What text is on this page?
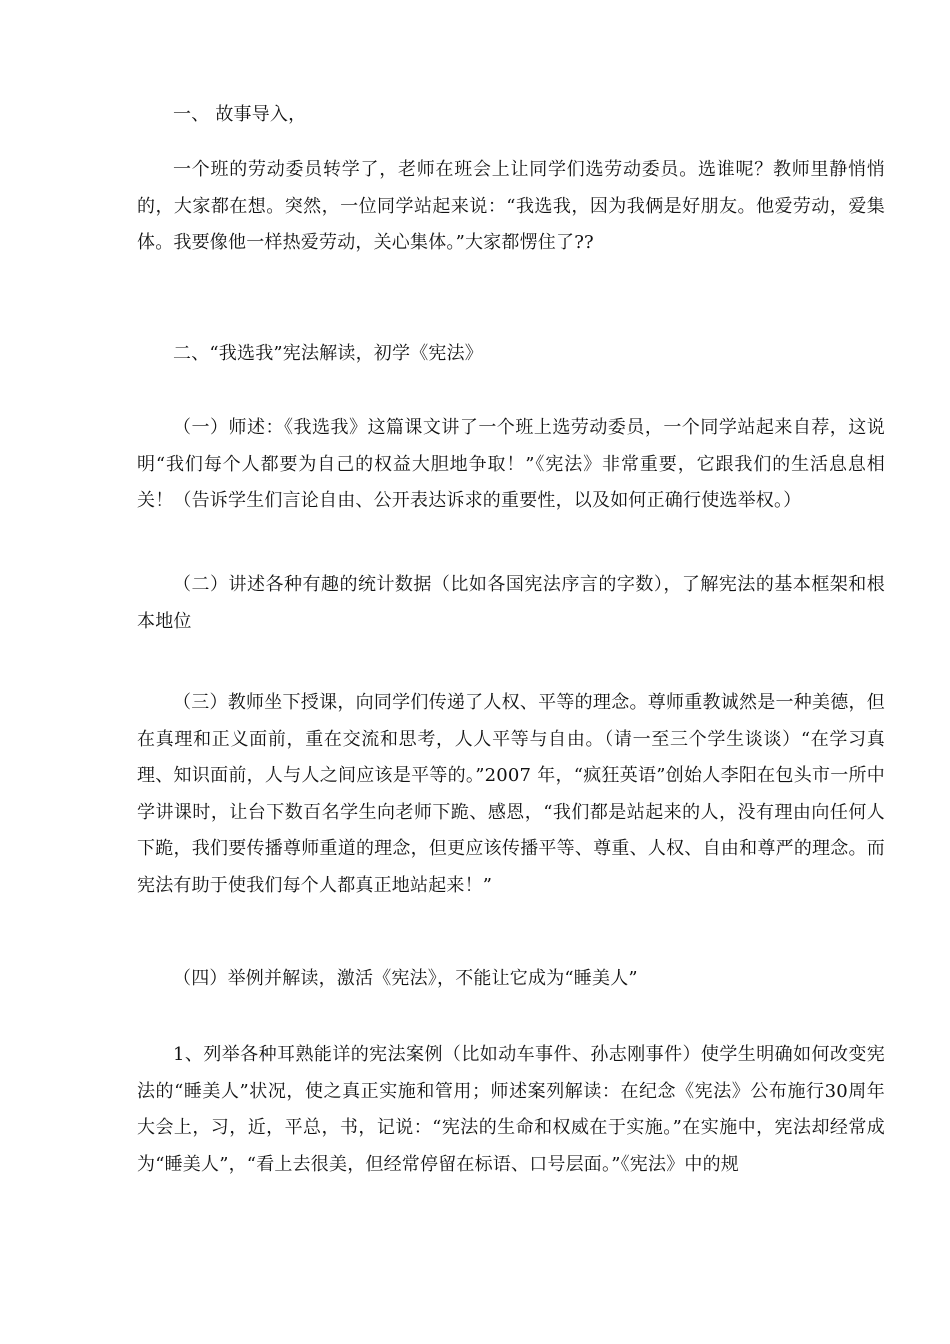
一、 故事导入，

一个班的劳动委员转学了，老师在班会上让同学们选劳动委员。选谁呢？教师里静悄悄的，大家都在想。突然，一位同学站起来说：“我选我，因为我俩是好朋友。他爱劳动，爱集体。我要像他一样热爱劳动，关心集体。”大家都愣住了??

二、“我选我”宪法解读，初学《宪法》

（一）师述：《我选我》这篇课文讲了一个班上选劳动委员，一个同学站起来自荐，这说明“我们每个人都要为自己的权益大胆地争取！”《宪法》非常重要，它跟我们的生活息息相关！（告诉学生们言论自由、公开表达诉求的重要性，以及如何正确行使选举权。）

（二）讲述各种有趣的统计数据（比如各国宪法序言的字数），了解宪法的基本框架和根本地位

（三）教师坐下授课，向同学们传递了人权、平等的理念。尊师重教诚然是一种美德，但在真理和正义面前，重在交流和思考，人人平等与自由。（请一至三个学生谈谈）“在学习真理、知识面前，人与人之间应该是平等的。”2007 年，“疯狂英语”创始人李阳在包头市一所中学讲课时，让台下数百名学生向老师下跪、感恩，“我们都是站起来的人，没有理由向任何人下跪，我们要传播尊师重道的理念，但更应该传播平等、尊重、人权、自由和尊严的理念。而宪法有助于使我们每个人都真正地站起来！”

（四）举例并解读，激活《宪法》，不能让它成为“睡美人”

1、列举各种耳熟能详的宪法案例（比如动车事件、孙志刚事件）使学生明确如何改变宪法的“睡美人”状况，使之真正实施和管用；师述案列解读：在纪念《宪法》公布施行30周年大会上，习，近，平总，书，记说：“宪法的生命和权威在于实施。”在实施中，宪法却经常成为“睡美人”，“看上去很美，但经常停留在标语、口号层面。”《宪法》中的规
